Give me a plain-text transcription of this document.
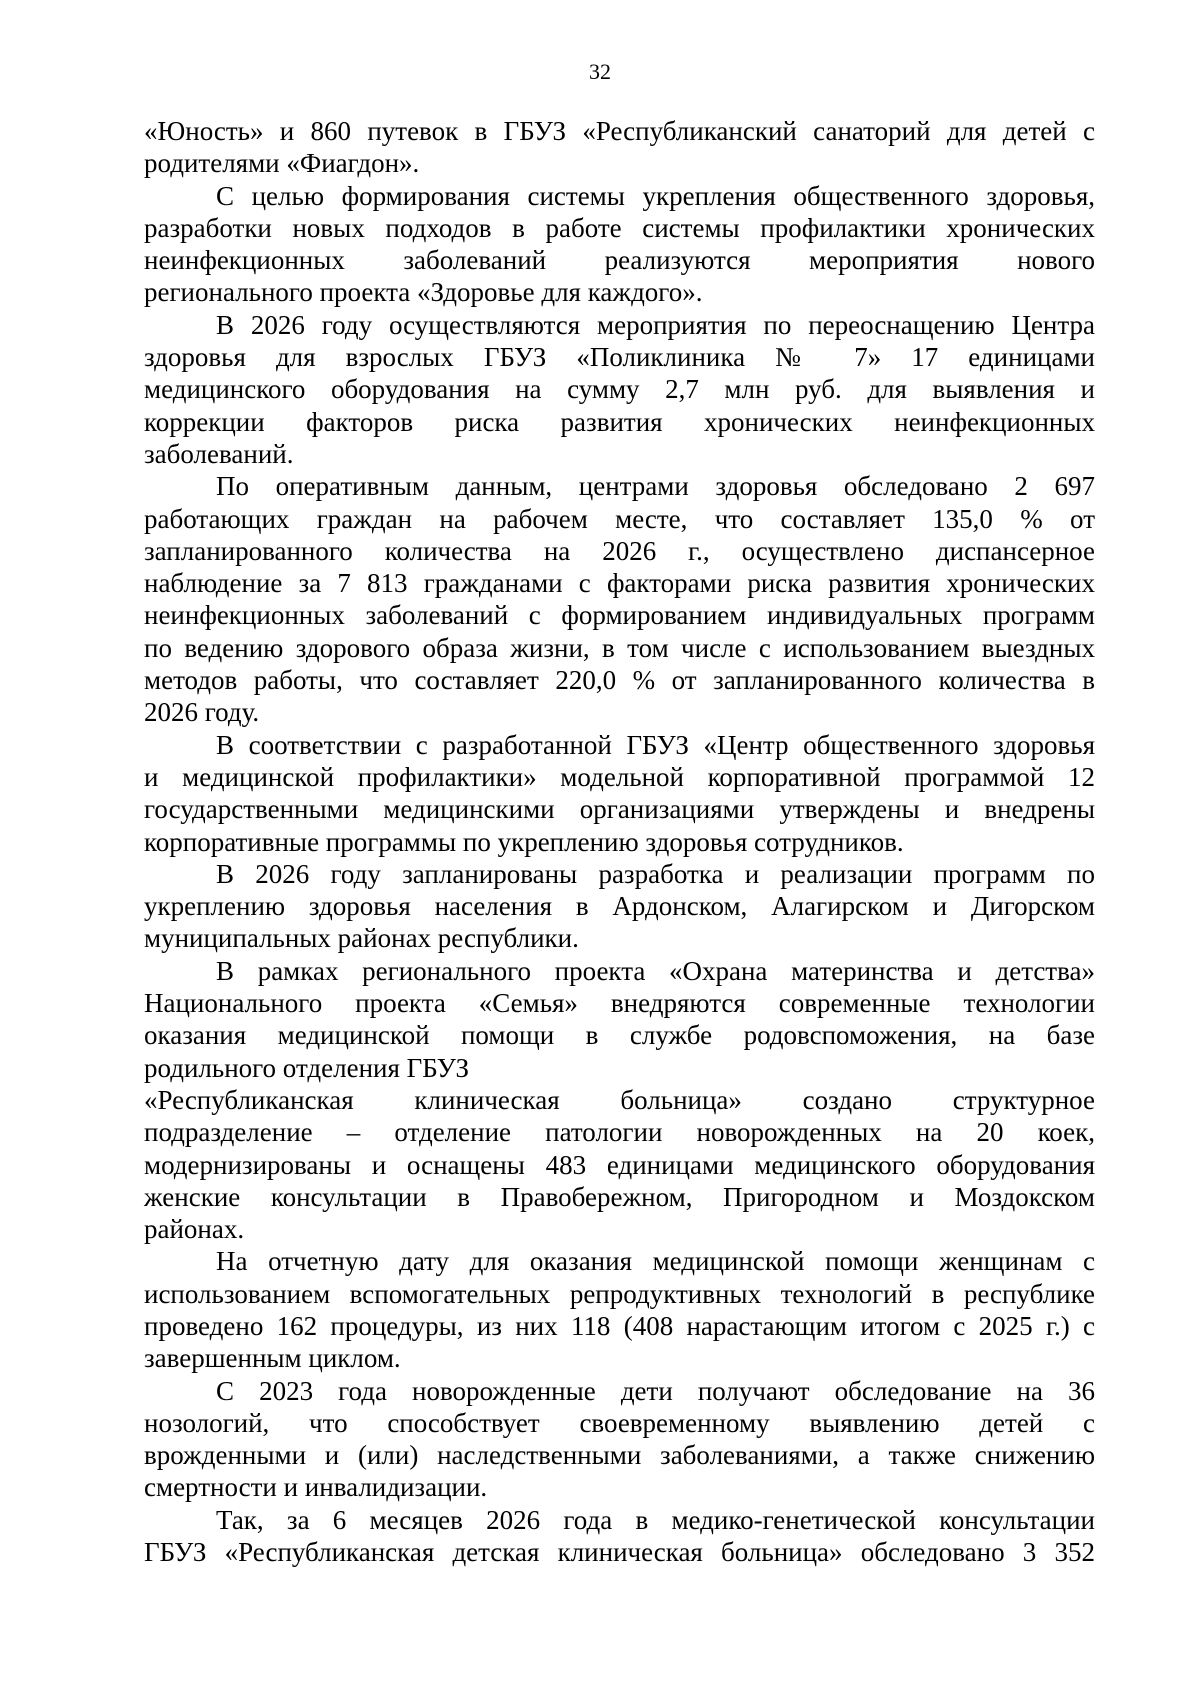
32
«Юность» и 860 путевок в ГБУЗ «Республиканский санаторий для детей с
родителями «Фиагдон».
С целью формирования системы укрепления общественного здоровья,
разработки новых подходов в работе системы профилактики хронических
неинфекционных заболеваний реализуются мероприятия нового
регионального проекта «Здоровье для каждого».
В 2026 году осуществляются мероприятия по переоснащению Центра
здоровья для взрослых ГБУЗ «Поликлиника № 7» 17 единицами
медицинского оборудования на сумму 2,7 млн руб. для выявления и
коррекции факторов риска развития хронических неинфекционных
заболеваний.
По оперативным данным, центрами здоровья обследовано 2 697
работающих граждан на рабочем месте, что составляет 135,0 % от
запланированного количества на 2026 г., осуществлено диспансерное
наблюдение за 7 813 гражданами с факторами риска развития хронических
неинфекционных заболеваний с формированием индивидуальных программ
по ведению здорового образа жизни, в том числе с использованием выездных
методов работы, что составляет 220,0 % от запланированного количества в
2026 году.
В соответствии с разработанной ГБУЗ «Центр общественного здоровья
и медицинской профилактики» модельной корпоративной программой 12
государственными медицинскими организациями утверждены и внедрены
корпоративные программы по укреплению здоровья сотрудников.
В 2026 году запланированы разработка и реализации программ по
укреплению здоровья населения в Ардонском, Алагирском и Дигорском
муниципальных районах республики.
В рамках регионального проекта «Охрана материнства и детства»
Национального проекта «Семья» внедряются современные технологии
оказания медицинской помощи в службе родовспоможения, на базе
родильного отделения ГБУЗ
«Республиканская клиническая больница» создано структурное
подразделение – отделение патологии новорожденных на 20 коек,
модернизированы и оснащены 483 единицами медицинского оборудования
женские консультации в Правобережном, Пригородном и Моздокском
районах.
На отчетную дату для оказания медицинской помощи женщинам с
использованием вспомогательных репродуктивных технологий в республике
проведено 162 процедуры, из них 118 (408 нарастающим итогом с 2025 г.) с
завершенным циклом.
С 2023 года новорожденные дети получают обследование на 36
нозологий, что способствует своевременному выявлению детей с
врожденными и (или) наследственными заболеваниями, а также снижению
смертности и инвалидизации.
Так, за 6 месяцев 2026 года в медико-генетической консультации
ГБУЗ «Республиканская детская клиническая больница» обследовано 3 352
